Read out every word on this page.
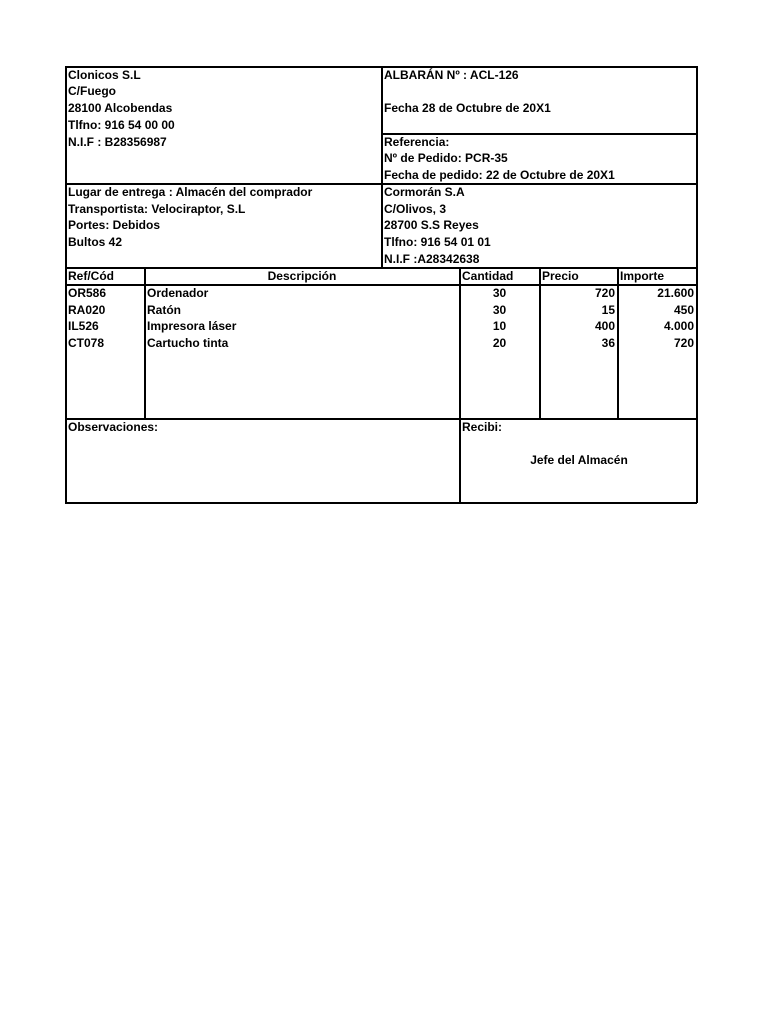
Clonicos S.L
C/Fuego
28100 Alcobendas
Tlfno: 916 54 00 00
N.I.F : B28356987
ALBARÁN Nº : ACL-126
Fecha 28 de Octubre de 20X1
Referencia:
Nº de Pedido: PCR-35
Fecha de pedido: 22 de Octubre de 20X1
Lugar de entrega : Almacén del comprador
Transportista: Velociraptor, S.L
Portes: Debidos
Bultos 42
Cormorán S.A
C/Olivos, 3
28700 S.S Reyes
Tlfno: 916 54 01 01
N.I.F :A28342638
Ref/Cód	Descripción	Cantidad Precio	Importe
OR586	Ordenador	30	720	21.600
RA020	Ratón	30	15	450
IL526	Impresora láser	10	400	4.000
CT078	Cartucho tinta	20	36	720
Observaciones:	Recibi:
Jefe del Almacén
